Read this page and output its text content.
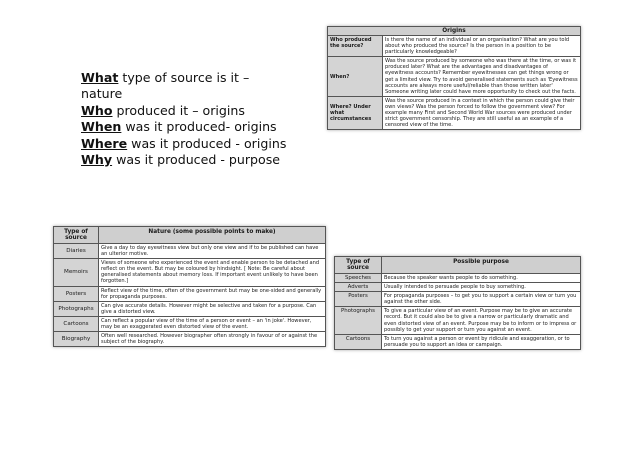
What type of source is it –
nature
Who produced it – origins
When was it produced- origins
Where was it produced - origins
Why was it produced - purpose
Origins	
Who produced the source?	Is there the name of an individual or an organisation? What are you told about who produced the source? Is the person in a position to be particularly knowledgeable?
When?	Was the source produced by someone who was there at the time, or was it produced later? What are the advantages and disadvantages of eyewitness accounts? Remember eyewitnesses can get things wrong or get a limited view. Try to avoid generalised statements such as 'Eyewitness accounts are always more useful/reliable than those written later' Someone writing later could have more opportunity to check out the facts.
Where? Under what circumstances	Was the source produced in a context in which the person could give their own views? Was the person forced to follow the government view? For example many First and Second World War sources were produced under strict government censorship. They are still useful as an example of a censored view of the time.
Type of source	Nature (some possible points to make)
Diaries	Give a day to day eyewitness view but only one view and if to be published can have an ulterior motive.
Memoirs	Views of someone who experienced the event and enable person to be detached and reflect on the event. But may be coloured by hindsight. [ Note: Be careful about generalised statements about memory loss. If important event unlikely to have been forgotten.]
Posters	Reflect view of the time, often of the government but may be one-sided and generally for propaganda purposes.
Photographs	Can give accurate details. However might be selective and taken for a purpose. Can give a distorted view.
Cartoons	Can reflect a popular view of the time of a person or event – an 'in joke'. However, may be an exaggerated even distorted view of the event.
Biography	Often well researched. However biographer often strongly in favour of or against the subject of the biography.
Type of source	Possible purpose
Speeches	Because the speaker wants people to do something.
Adverts	Usually intended to persuade people to buy something.
Posters	For propaganda purposes – to get you to support a certain view or turn you against the other side.
Photographs	To give a particular view of an event. Purpose may be to give an accurate record. But it could also be to give a narrow or particularly dramatic and even distorted view of an event. Purpose may be to inform or to impress or possibly to get your support or turn you against an event.
Cartoons	To turn you against a person or event by ridicule and exaggeration, or to persuade you to support an idea or campaign.
